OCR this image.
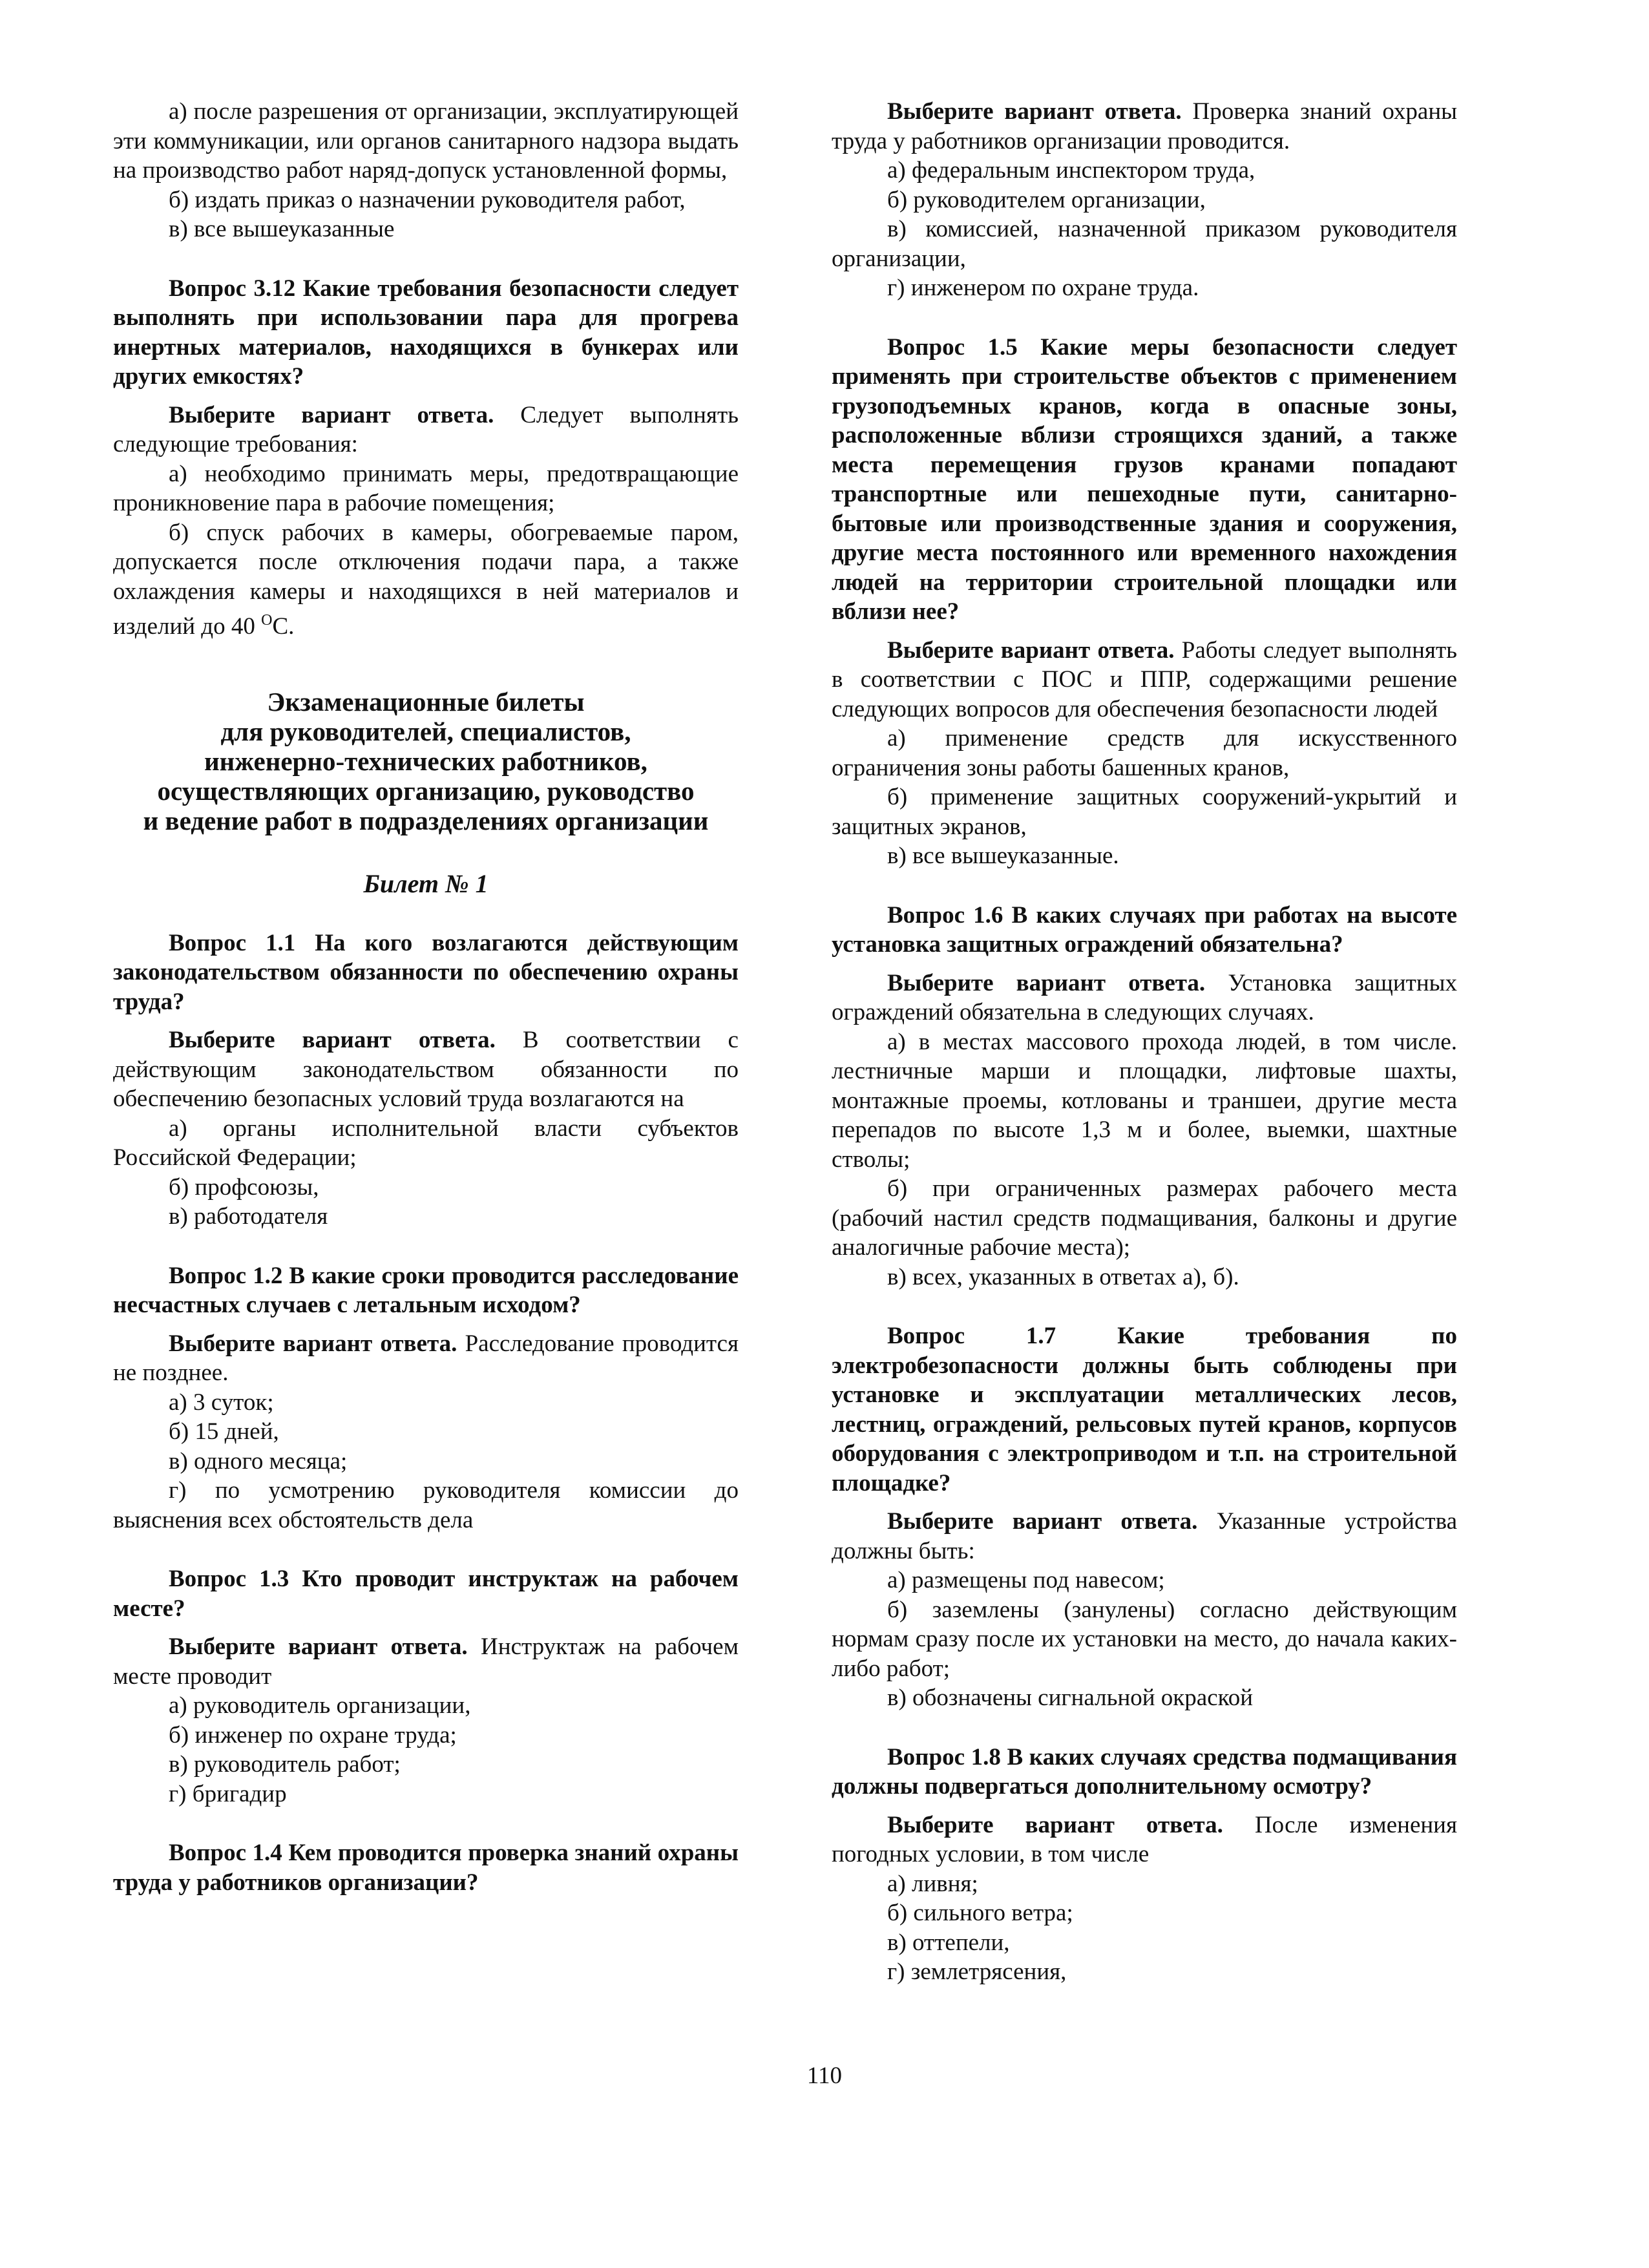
а) после разрешения от организации, эксплуатирующей эти коммуникации, или органов санитарного надзора выдать на производство работ наряд-допуск установленной формы,

б) издать приказ о назначении руководителя работ,

в) все вышеуказанные

Вопрос 3.12 Какие требования безопасности следует выполнять при использовании пара для прогрева инертных материалов, находящихся в бункерах или других емкостях?

Выберите вариант ответа. Следует выполнять следующие требования:

а) необходимо принимать меры, предотвращающие проникновение пара в рабочие помещения;

б) спуск рабочих в камеры, обогреваемые паром, допускается после отключения подачи пара, а также охлаждения камеры и находящихся в ней материалов и изделий до 40 $^O$C.

Экзаменационные билеты
для руководителей, специалистов,
инженерно-технических работников,
осуществляющих организацию, руководство
и ведение работ в подразделениях организации
Билет № 1

Вопрос 1.1 На кого возлагаются действующим законодательством обязанности по обеспечению охраны труда?

Выберите вариант ответа. В соответствии с действующим законодательством обязанности по обеспечению безопасных условий труда возлагаются на

а) органы исполнительной власти субъектов Российской Федерации;

б) профсоюзы,

в) работодателя

Вопрос 1.2 В какие сроки проводится расследование несчастных случаев с летальным исходом?

Выберите вариант ответа. Расследование проводится не позднее.

а) 3 суток;

б) 15 дней,

в) одного месяца;

г) по усмотрению руководителя комиссии до выяснения всех обстоятельств дела

Вопрос 1.3 Кто проводит инструктаж на рабочем месте?

Выберите вариант ответа. Инструктаж на рабочем месте проводит

а) руководитель организации,

б) инженер по охране труда;

в) руководитель работ;

г) бригадир

Вопрос 1.4 Кем проводится проверка знаний охраны труда у работников организации?

Выберите вариант ответа. Проверка знаний охраны труда у работников организации проводится.

а) федеральным инспектором труда,

б) руководителем организации,

в) комиссией, назначенной приказом руководителя организации,

г) инженером по охране труда.

Вопрос 1.5 Какие меры безопасности следует применять при строительстве объектов с применением грузоподъемных кранов, когда в опасные зоны, расположенные вблизи строящихся зданий, а также места перемещения грузов кранами попадают транспортные или пешеходные пути, санитарно-бытовые или производственные здания и сооружения, другие места постоянного или временного нахождения людей на территории строительной площадки или вблизи нее?

Выберите вариант ответа. Работы следует выполнять в соответствии с ПОС и ППР, содержащими решение следующих вопросов для обеспечения безопасности людей

а) применение средств для искусственного ограничения зоны работы башенных кранов,

б) применение защитных сооружений-укрытий и защитных экранов,

в) все вышеуказанные.

Вопрос 1.6 В каких случаях при работах на высоте установка защитных ограждений обязательна?

Выберите вариант ответа. Установка защитных ограждений обязательна в следующих случаях.

а) в местах массового прохода людей, в том числе. лестничные марши и площадки, лифтовые шахты, монтажные проемы, котлованы и траншеи, другие места перепадов по высоте 1,3 м и более, выемки, шахтные стволы;

б) при ограниченных размерах рабочего места (рабочий настил средств подмащивания, балконы и другие аналогичные рабочие места);

в) всех, указанных в ответах а), б).

Вопрос 1.7 Какие требования по электробезопасности должны быть соблюдены при установке и эксплуатации металлических лесов, лестниц, ограждений, рельсовых путей кранов, корпусов оборудования с электроприводом и т.п. на строительной площадке?

Выберите вариант ответа. Указанные устройства должны быть:

а) размещены под навесом;

б) заземлены (занулены) согласно действующим нормам сразу после их установки на место, до начала каких-либо работ;

в) обозначены сигнальной окраской

Вопрос 1.8 В каких случаях средства подмащивания должны подвергаться дополнительному осмотру?

Выберите вариант ответа. После изменения погодных условии, в том числе

а) ливня;

б) сильного ветра;

в) оттепели,

г) землетрясения,

110
